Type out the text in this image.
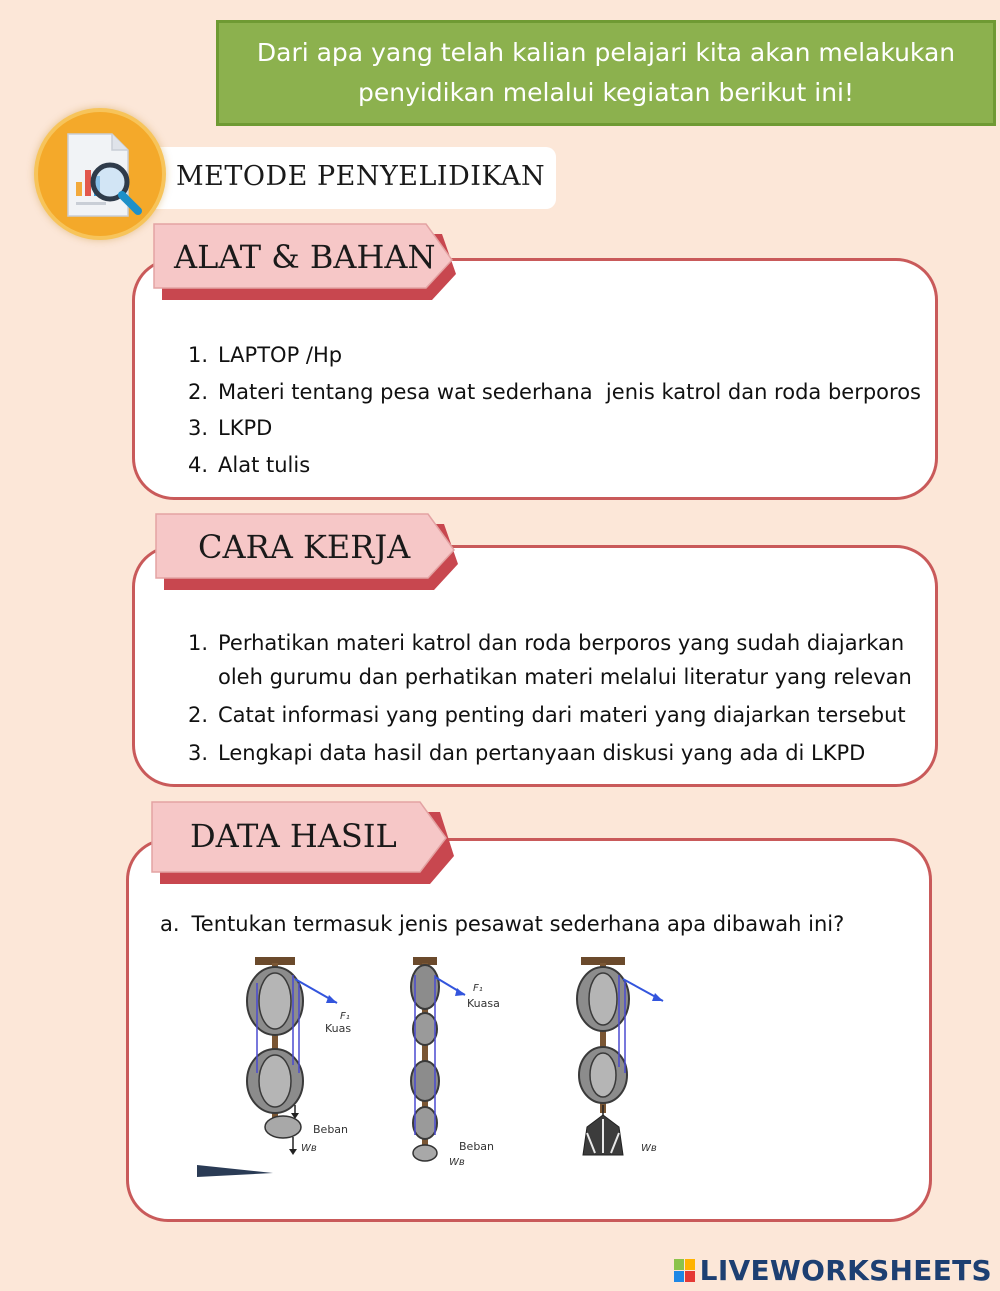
Dari apa yang telah kalian pelajari kita akan melakukan
penyidikan melalui kegiatan berikut ini!
METODE PENYELIDIKAN
ALAT & BAHAN
1. LAPTOP /Hp
2. Materi tentang pesa wat sederhana  jenis katrol dan roda berporos
3. LKPD
4. Alat tulis
CARA KERJA
1. Perhatikan materi katrol dan roda berporos yang sudah diajarkan oleh gurumu dan perhatikan materi melalui literatur yang relevan
2. Catat informasi yang penting dari materi yang diajarkan tersebut
3. Lengkapi data hasil dan pertanyaan diskusi yang ada di LKPD
DATA HASIL
a. Tentukan termasuk jenis pesawat sederhana apa dibawah ini?
F₁
Kuas
Beban
Wʙ
F₁
Kuasa
Beban
Wʙ
Wʙ
LIVEWORKSHEETS
